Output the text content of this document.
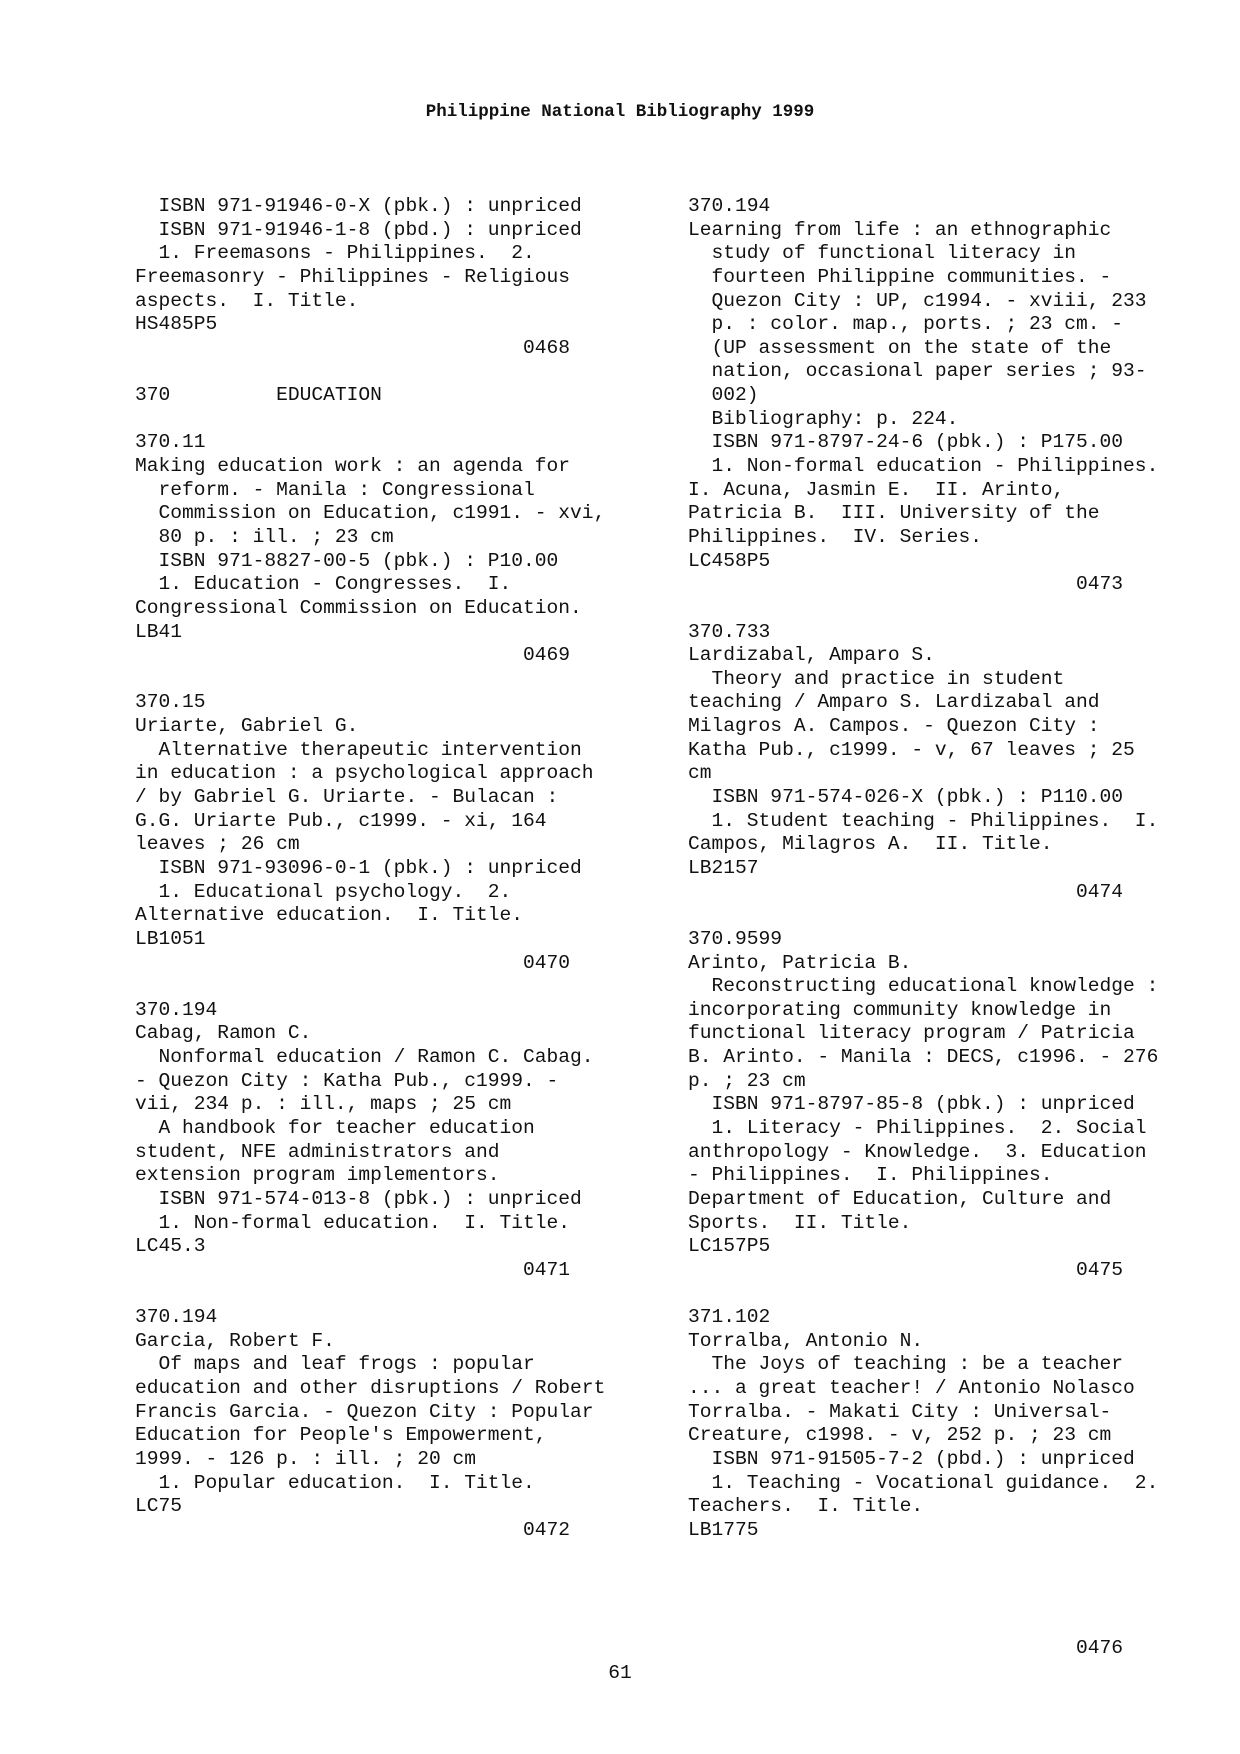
Philippine National Bibliography 1999
ISBN 971-91946-0-X (pbk.) : unpriced
ISBN 971-91946-1-8 (pbd.) : unpriced
1. Freemasons - Philippines.  2.
Freemasonry - Philippines - Religious
aspects.  I. Title.
HS485P5
0468
370         EDUCATION
370.11
Making education work : an agenda for
reform. - Manila : Congressional
Commission on Education, c1991. - xvi,
80 p. : ill. ; 23 cm
ISBN 971-8827-00-5 (pbk.) : P10.00
1. Education - Congresses.  I.
Congressional Commission on Education.
LB41
0469
370.15
Uriarte, Gabriel G.
Alternative therapeutic intervention
in education : a psychological approach
/ by Gabriel G. Uriarte. - Bulacan :
G.G. Uriarte Pub., c1999. - xi, 164
leaves ; 26 cm
ISBN 971-93096-0-1 (pbk.) : unpriced
1. Educational psychology.  2.
Alternative education.  I. Title.
LB1051
0470
370.194
Cabag, Ramon C.
Nonformal education / Ramon C. Cabag.
- Quezon City : Katha Pub., c1999. -
vii, 234 p. : ill., maps ; 25 cm
A handbook for teacher education
student, NFE administrators and
extension program implementors.
ISBN 971-574-013-8 (pbk.) : unpriced
1. Non-formal education.  I. Title.
LC45.3
0471
370.194
Garcia, Robert F.
Of maps and leaf frogs : popular
education and other disruptions / Robert
Francis Garcia. - Quezon City : Popular
Education for People's Empowerment,
1999. - 126 p. : ill. ; 20 cm
1. Popular education.  I. Title.
LC75
0472
370.194
Learning from life : an ethnographic
study of functional literacy in
fourteen Philippine communities. -
Quezon City : UP, c1994. - xviii, 233
p. : color. map., ports. ; 23 cm. -
(UP assessment on the state of the
nation, occasional paper series ; 93-
002)
Bibliography: p. 224.
ISBN 971-8797-24-6 (pbk.) : P175.00
1. Non-formal education - Philippines.
I. Acuna, Jasmin E.  II. Arinto,
Patricia B.  III. University of the
Philippines.  IV. Series.
LC458P5
0473
370.733
Lardizabal, Amparo S.
Theory and practice in student
teaching / Amparo S. Lardizabal and
Milagros A. Campos. - Quezon City :
Katha Pub., c1999. - v, 67 leaves ; 25
cm
ISBN 971-574-026-X (pbk.) : P110.00
1. Student teaching - Philippines.  I.
Campos, Milagros A.  II. Title.
LB2157
0474
370.9599
Arinto, Patricia B.
Reconstructing educational knowledge :
incorporating community knowledge in
functional literacy program / Patricia
B. Arinto. - Manila : DECS, c1996. - 276
p. ; 23 cm
ISBN 971-8797-85-8 (pbk.) : unpriced
1. Literacy - Philippines.  2. Social
anthropology - Knowledge.  3. Education
- Philippines.  I. Philippines.
Department of Education, Culture and
Sports.  II. Title.
LC157P5
0475
371.102
Torralba, Antonio N.
The Joys of teaching : be a teacher
... a great teacher! / Antonio Nolasco
Torralba. - Makati City : Universal-
Creature, c1998. - v, 252 p. ; 23 cm
ISBN 971-91505-7-2 (pbd.) : unpriced
1. Teaching - Vocational guidance.  2.
Teachers.  I. Title.
LB1775
0476
61
